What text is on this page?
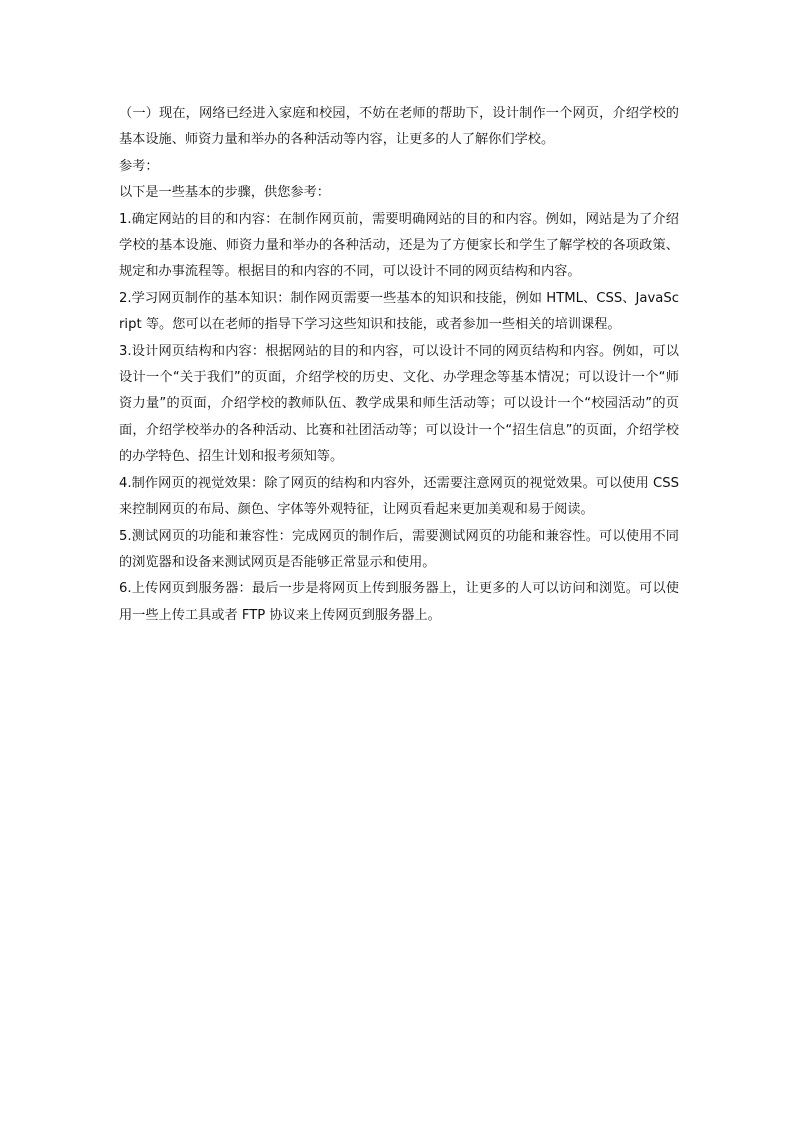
（一）现在，网络已经进入家庭和校园，不妨在老师的帮助下，设计制作一个网页，介绍学校的基本设施、师资力量和举办的各种活动等内容，让更多的人了解你们学校。

参考：

以下是一些基本的步骤，供您参考：

1.确定网站的目的和内容：在制作网页前，需要明确网站的目的和内容。例如，网站是为了介绍学校的基本设施、师资力量和举办的各种活动，还是为了方便家长和学生了解学校的各项政策、规定和办事流程等。根据目的和内容的不同，可以设计不同的网页结构和内容。

2.学习网页制作的基本知识：制作网页需要一些基本的知识和技能，例如 HTML、CSS、JavaScript 等。您可以在老师的指导下学习这些知识和技能，或者参加一些相关的培训课程。

3.设计网页结构和内容：根据网站的目的和内容，可以设计不同的网页结构和内容。例如，可以设计一个“关于我们”的页面，介绍学校的历史、文化、办学理念等基本情况；可以设计一个“师资力量”的页面，介绍学校的教师队伍、教学成果和师生活动等；可以设计一个“校园活动”的页面，介绍学校举办的各种活动、比赛和社团活动等；可以设计一个“招生信息”的页面，介绍学校的办学特色、招生计划和报考须知等。

4.制作网页的视觉效果：除了网页的结构和内容外，还需要注意网页的视觉效果。可以使用 CSS 来控制网页的布局、颜色、字体等外观特征，让网页看起来更加美观和易于阅读。

5.测试网页的功能和兼容性：完成网页的制作后，需要测试网页的功能和兼容性。可以使用不同的浏览器和设备来测试网页是否能够正常显示和使用。

6.上传网页到服务器：最后一步是将网页上传到服务器上，让更多的人可以访问和浏览。可以使用一些上传工具或者 FTP 协议来上传网页到服务器上。
